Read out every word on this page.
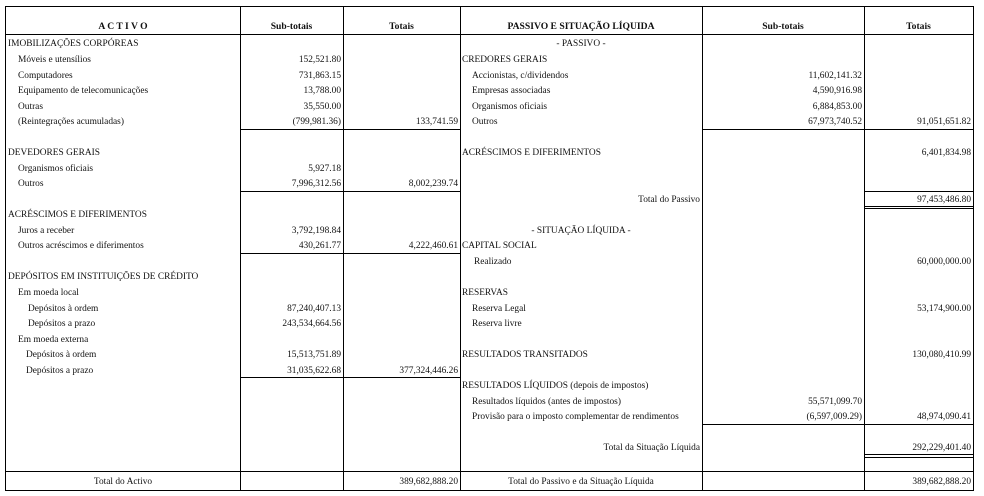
A C T I V O	Sub-totais	Totais	PASSIVO E SITUAÇÃO LÍQUIDA	Sub-totais	Totais
IMOBILIZAÇÕES CORPÓREAS
Móveis e utensílios	152,521.80
Computadores	731,863.15
Equipamento de telecomunicações	13,788.00
Outras	35,550.00
(Reintegrações acumuladas)	(799,981.36)	133,741.59
DEVEDORES GERAIS
Organismos oficiais	5,927.18
Outros	7,996,312.56	8,002,239.74
ACRÉSCIMOS E DIFERIMENTOS
Juros a receber	3,792,198.84
Outros acréscimos e diferimentos	430,261.77	4,222,460.61
DEPÓSITOS EM INSTITUIÇÕES DE CRÉDITO
Em moeda local
Depósitos à ordem	87,240,407.13
Depósitos a prazo	243,534,664.56
Em moeda externa
Depósitos à ordem	15,513,751.89
Depósitos a prazo	31,035,622.68	377,324,446.26
- PASSIVO -
CREDORES GERAIS
Accionistas, c/dividendos	11,602,141.32
Empresas associadas	4,590,916.98
Organismos oficiais	6,884,853.00
Outros	67,973,740.52	91,051,651.82
ACRÉSCIMOS E DIFERIMENTOS	6,401,834.98
Total do Passivo	97,453,486.80
- SITUAÇÃO LÍQUIDA -
CAPITAL SOCIAL
Realizado	60,000,000.00
RESERVAS
Reserva Legal	53,174,900.00
Reserva livre
RESULTADOS TRANSITADOS	130,080,410.99
RESULTADOS LÍQUIDOS (depois de impostos)
Resultados líquidos (antes de impostos)	55,571,099.70
Provisão para o imposto complementar de rendimentos	(6,597,009.29)	48,974,090.41
Total da Situação Líquida	292,229,401.40
Total do Activo	389,682,888.20	Total do Passivo e da Situação Líquida	389,682,888.20
